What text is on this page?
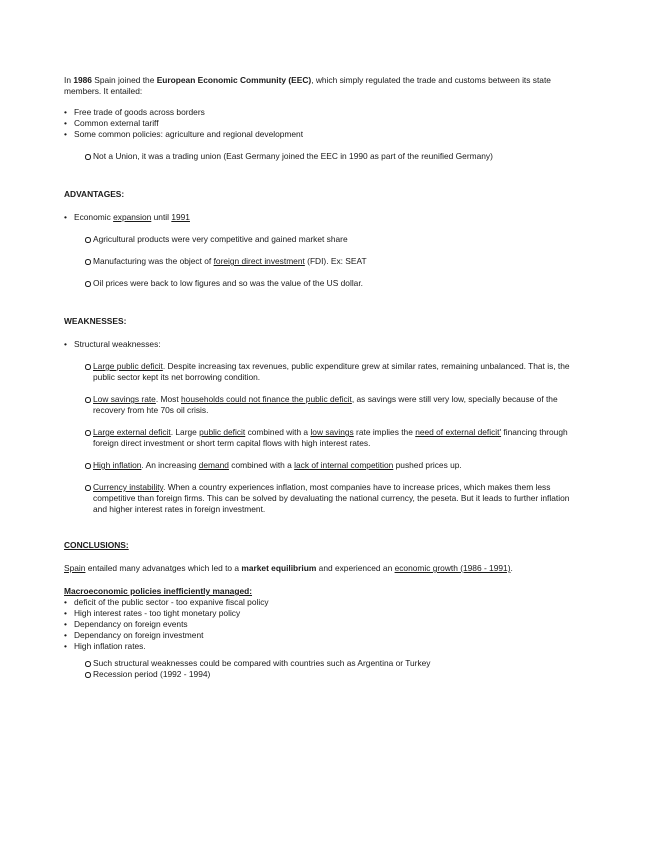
In 1986 Spain joined the European Economic Community (EEC), which simply regulated the trade and customs between its state members. It entailed:

• Free trade of goods across borders
• Common external tariff
• Some common policies: agriculture and regional development
Not a Union, it was a trading union (East Germany joined the EEC in 1990 as part of the reunified Germany)

ADVANTAGES:

• Economic expansion until 1991
Agricultural products were very competitive and gained market share
Manufacturing was the object of foreign direct investment (FDI). Ex: SEAT
Oil prices were back to low figures and so was the value of the US dollar.

WEAKNESSES:

• Structural weaknesses:
Large public deficit. Despite increasing tax revenues, public expenditure grew at similar rates, remaining unbalanced. That is, the public sector kept its net borrowing condition.
Low savings rate. Most households could not finance the public deficit, as savings were still very low, specially because of the recovery from hte 70s oil crisis.
Large external deficit. Large public deficit combined with a low savings rate implies the need of external deficit' financing through foreign direct investment or short term capital flows with high interest rates.
High inflation. An increasing demand combined with a lack of internal competition pushed prices up.
Currency instability. When a country experiences inflation, most companies have to increase prices, which makes them less competitive than foreign firms. This can be solved by devaluating the national currency, the peseta. But it leads to further inflation and higher interest rates in foreign investment.

CONCLUSIONS:

Spain entailed many advanatges which led to a market equilibrium and experienced an economic growth (1986 - 1991).

Macroeconomic policies inefficiently managed:

• deficit of the public sector - too expanive fiscal policy
• High interest rates - too tight monetary policy
• Dependancy on foreign events
• Dependancy on foreign investment
• High inflation rates.
Such structural weaknesses could be compared with countries such as Argentina or Turkey
Recession period (1992 - 1994)
